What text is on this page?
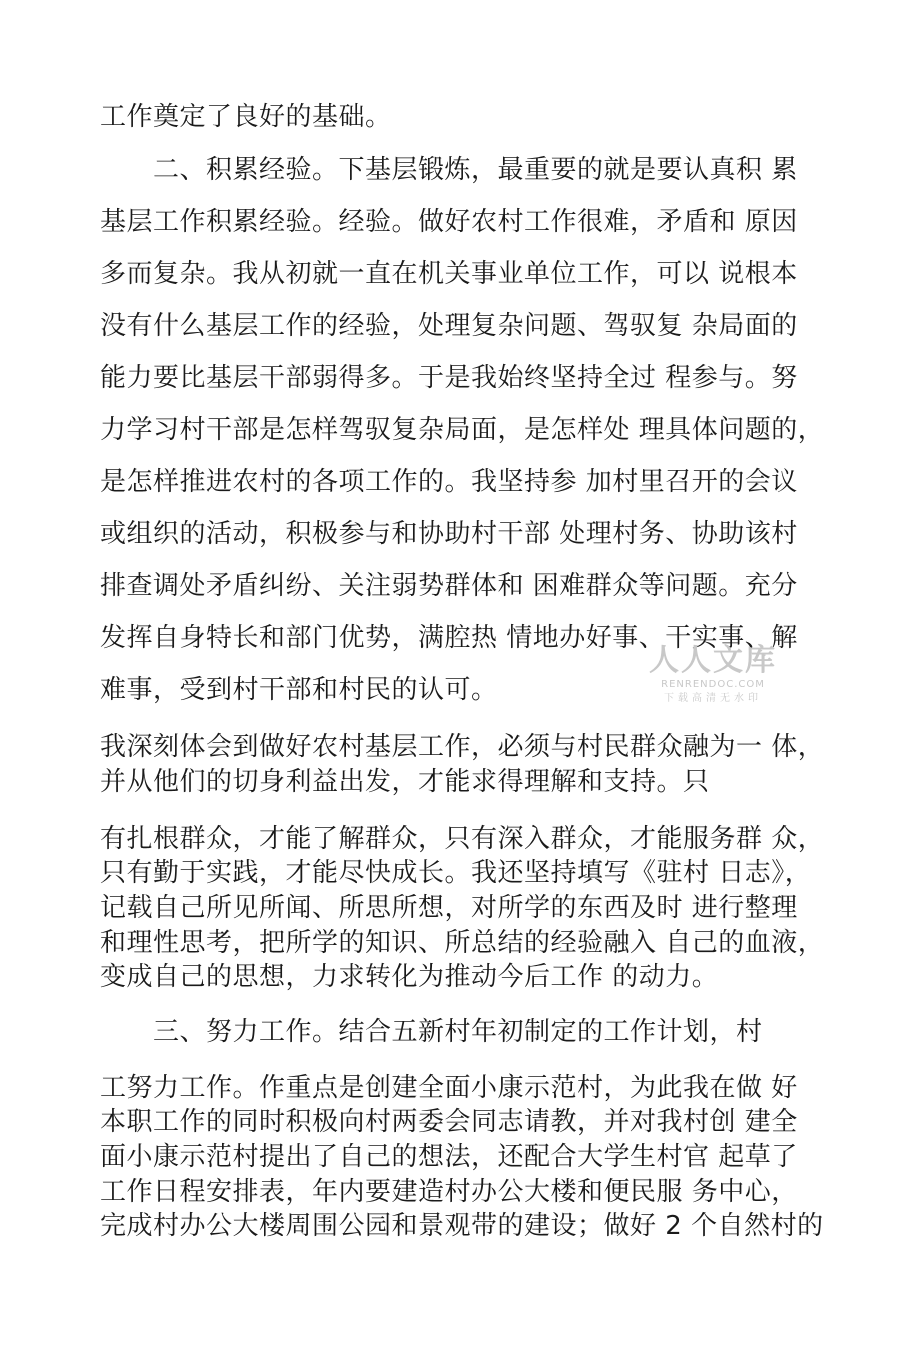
工作奠定了良好的基础。
　　二、积累经验。下基层锻炼，最重要的就是要认真积 累
基层工作积累经验。经验。做好农村工作很难，矛盾和 原因
多而复杂。我从初就一直在机关事业单位工作，可以 说根本
没有什么基层工作的经验，处理复杂问题、驾驭复 杂局面的
能力要比基层干部弱得多。于是我始终坚持全过 程参与。努
力学习村干部是怎样驾驭复杂局面，是怎样处 理具体问题的，
是怎样推进农村的各项工作的。我坚持参 加村里召开的会议
或组织的活动，积极参与和协助村干部 处理村务、协助该村
排查调处矛盾纠纷、关注弱势群体和 困难群众等问题。充分
发挥自身特长和部门优势，满腔热 情地办好事、干实事、解
难事，受到村干部和村民的认可。
我深刻体会到做好农村基层工作，必须与村民群众融为一 体，
并从他们的切身利益出发，才能求得理解和支持。只
有扎根群众，才能了解群众，只有深入群众，才能服务群 众，
只有勤于实践，才能尽快成长。我还坚持填写《驻村 日志》，
记载自己所见所闻、所思所想，对所学的东西及时 进行整理
和理性思考，把所学的知识、所总结的经验融入 自己的血液，
变成自己的思想，力求转化为推动今后工作 的动力。
　　三、努力工作。结合五新村年初制定的工作计划，村
工努力工作。作重点是创建全面小康示范村，为此我在做 好
本职工作的同时积极向村两委会同志请教，并对我村创 建全
面小康示范村提出了自己的想法，还配合大学生村官 起草了
工作日程安排表，年内要建造村办公大楼和便民服 务中心，
完成村办公大楼周围公园和景观带的建设；做好 2 个自然村的
人人文库
RENRENDOC.COM
下载高清无水印
